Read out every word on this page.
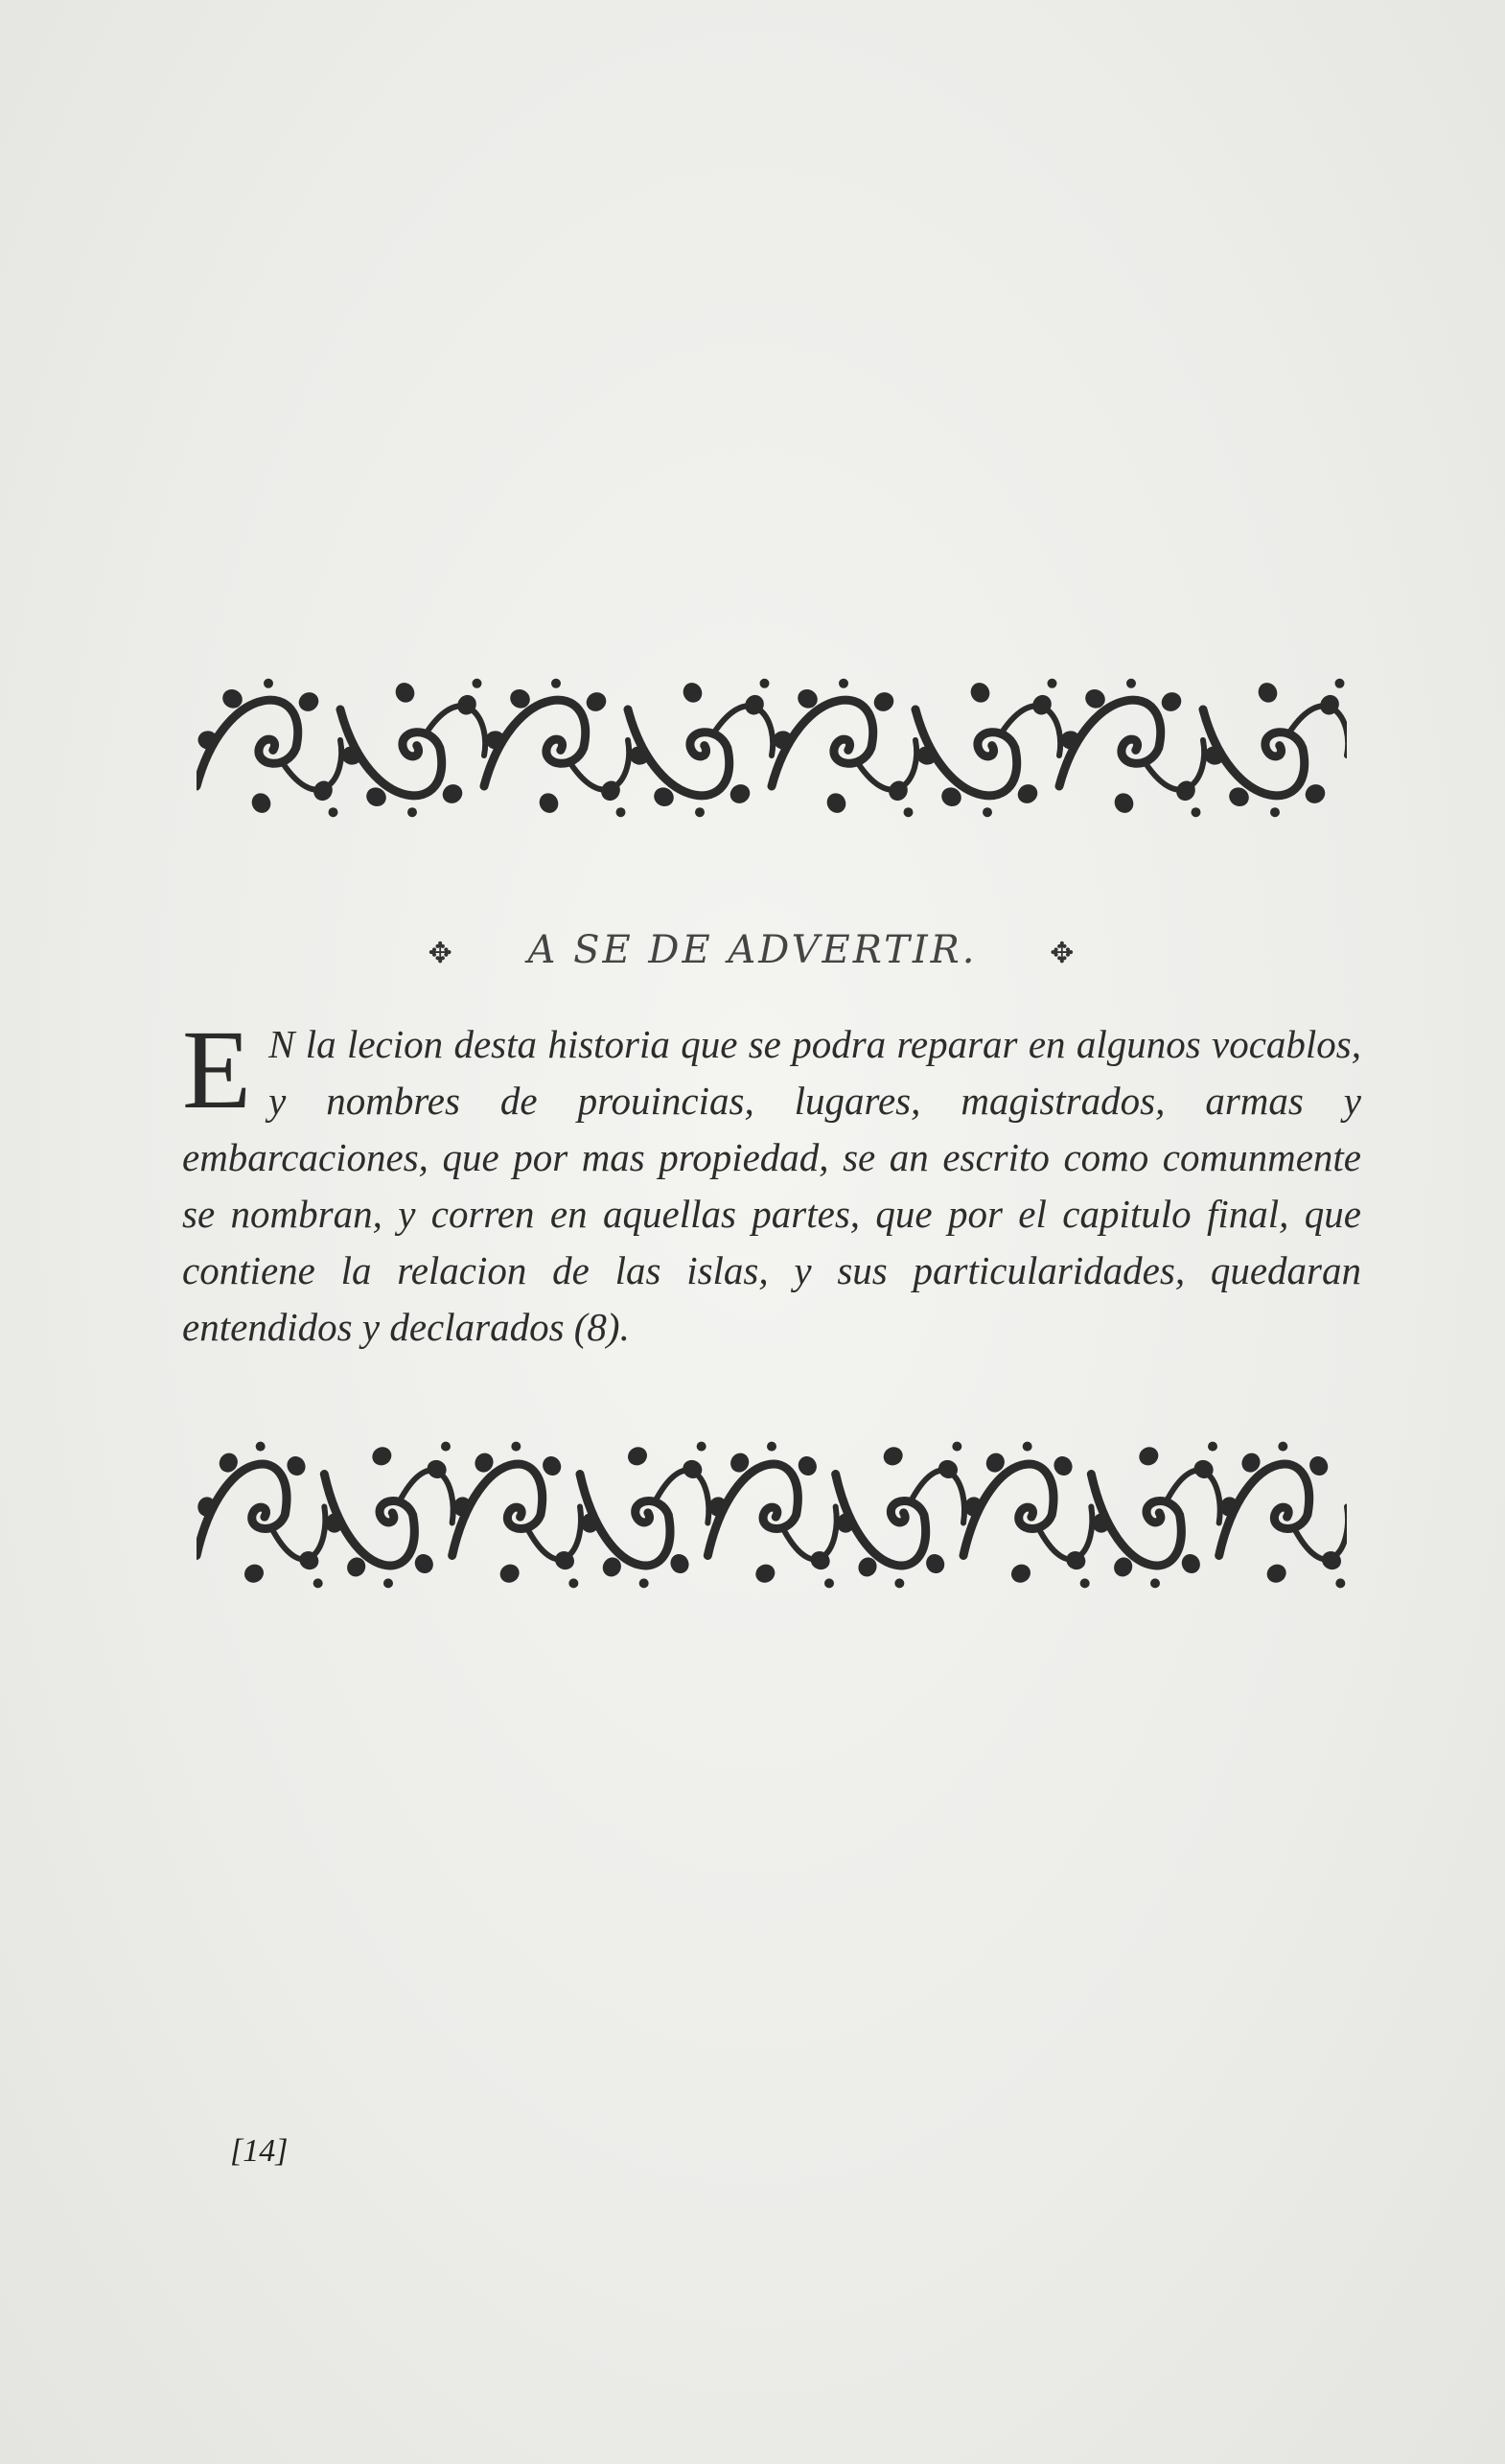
✥ A SE DE ADVERTIR.	✥
E N la lecion desta historia que se podra reparar en algunos vocablos, y nombres de prouincias, lugares, magistrados, armas y embarcaciones, que por mas propiedad, se an escrito como comunmente se nombran, y corren en aquellas partes, que por el capitulo final, que contiene la relacion de las islas, y sus particularidades, quedaran entendidos y declarados (8).
[14]
